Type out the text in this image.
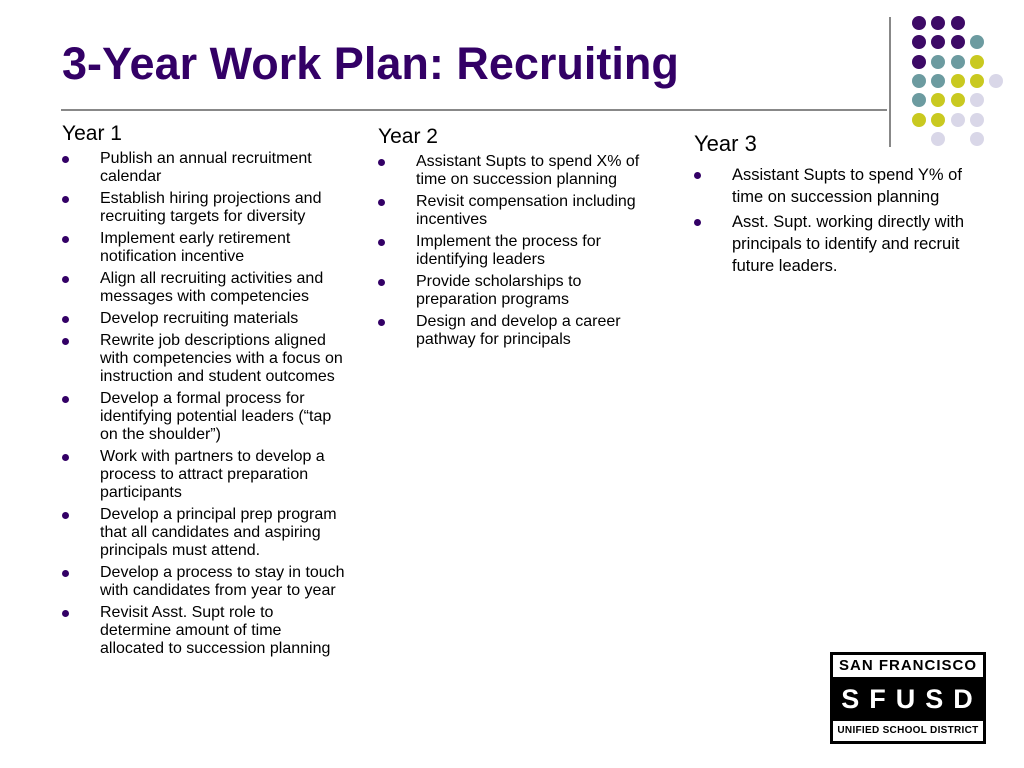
3-Year Work Plan: Recruiting
Year 1
Publish an annual recruitment calendar
Establish hiring projections and recruiting targets for diversity
Implement early retirement notification incentive
Align all recruiting activities and messages with competencies
Develop recruiting materials
Rewrite job descriptions aligned with competencies with a focus on instruction and student outcomes
Develop a formal process for identifying potential leaders (“tap on the shoulder”)
Work with partners to develop a process to attract preparation participants
Develop a principal prep program that all candidates and aspiring principals must attend.
Develop a process to stay in touch with candidates from year to year
Revisit Asst. Supt role to determine amount of time allocated to succession planning
Year 2
Assistant Supts to spend X% of time on succession planning
Revisit compensation including incentives
Implement the process for identifying leaders
Provide scholarships to preparation programs
Design and develop a career pathway for principals
Year 3
Assistant Supts to spend Y% of time on succession planning
Asst. Supt. working directly with principals to identify and recruit future leaders.
SAN FRANCISCO
SFUSD
UNIFIED SCHOOL DISTRICT
